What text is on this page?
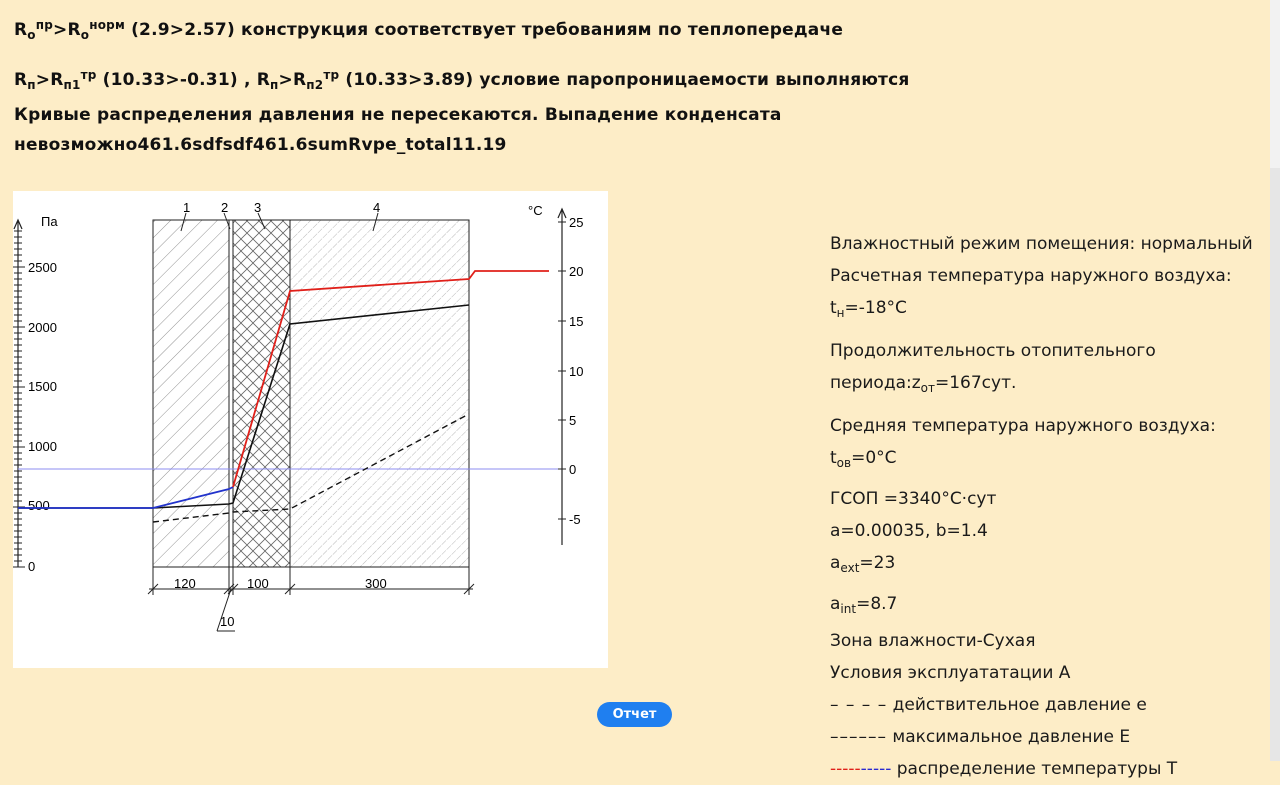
$R_o^{пр}>R_o^{норм}$ (2.9>2.57) конструкция соответствует требованиям по теплопередаче
$R_п>R_{п1}^{тр}$ (10.33>-0.31) , $R_п>R_{п2}^{тр}$ (10.33>3.89) условие паропроницаемости выполняются
Кривые распределения давления не пересекаются. Выпадение конденсата
невозможно461.6sdfsdf461.6sumRvpe_total11.19
Па
2500
2000
1500
1000
500
0
°C
25
20
15
10
5
0
-5
1 2 3	4
120	100	300
10
Влажностный режим помещения: нормальный
Расчетная температура наружного воздуха:
$t_н=-18^\circ C$
Продолжительность отопительного
$периода:z_{от}=167сут$.
Средняя температура наружного воздуха:
$t_{ов}=0^\circ C$
ГСОП =3340°C·сут
a=0.00035, b=1.4
$a_{ext}=23$
$a_{int}=8.7$
Зона влажности-Сухая
Условия эксплуататации А
– – – – действительное давление e
–––––– максимальное давление E
---------- распределение температуры T
Отчет
